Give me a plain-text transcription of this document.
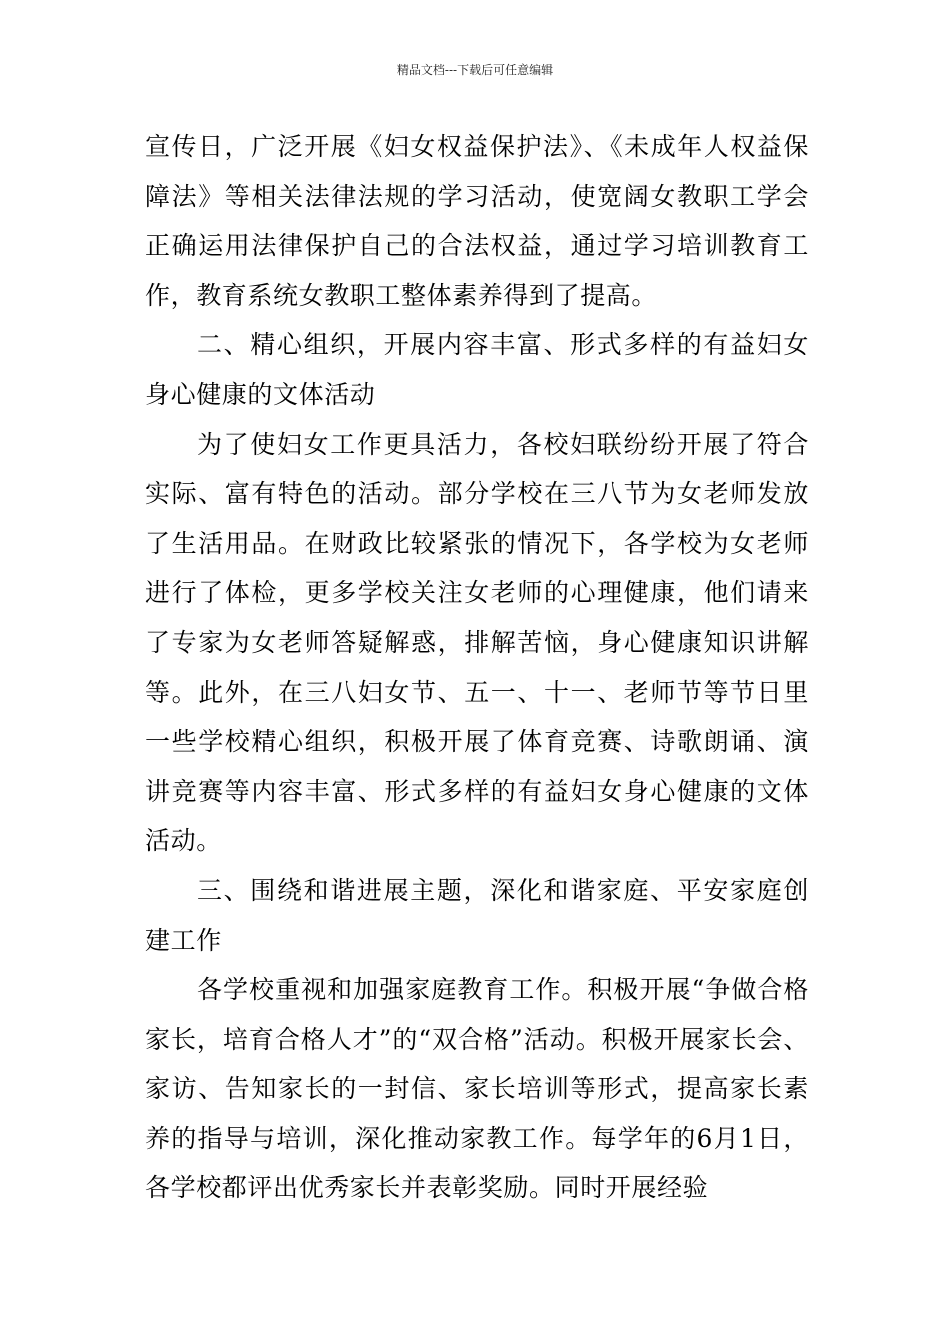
精品文档---下载后可任意编辑

宣传日，广泛开展《妇女权益保护法》、《未成年人权益保障法》等相关法律法规的学习活动，使宽阔女教职工学会正确运用法律保护自己的合法权益，通过学习培训教育工作，教育系统女教职工整体素养得到了提高。

二、精心组织，开展内容丰富、形式多样的有益妇女身心健康的文体活动

为了使妇女工作更具活力，各校妇联纷纷开展了符合实际、富有特色的活动。部分学校在三八节为女老师发放了生活用品。在财政比较紧张的情况下，各学校为女老师进行了体检，更多学校关注女老师的心理健康，他们请来了专家为女老师答疑解惑，排解苦恼，身心健康知识讲解等。此外，在三八妇女节、五一、十一、老师节等节日里一些学校精心组织，积极开展了体育竞赛、诗歌朗诵、演讲竞赛等内容丰富、形式多样的有益妇女身心健康的文体活动。

三、围绕和谐进展主题，深化和谐家庭、平安家庭创建工作

各学校重视和加强家庭教育工作。积极开展“争做合格家长，培育合格人才”的“双合格”活动。积极开展家长会、家访、告知家长的一封信、家长培训等形式，提高家长素养的指导与培训，深化推动家教工作。每学年的6月1日，各学校都评出优秀家长并表彰奖励。同时开展经验
